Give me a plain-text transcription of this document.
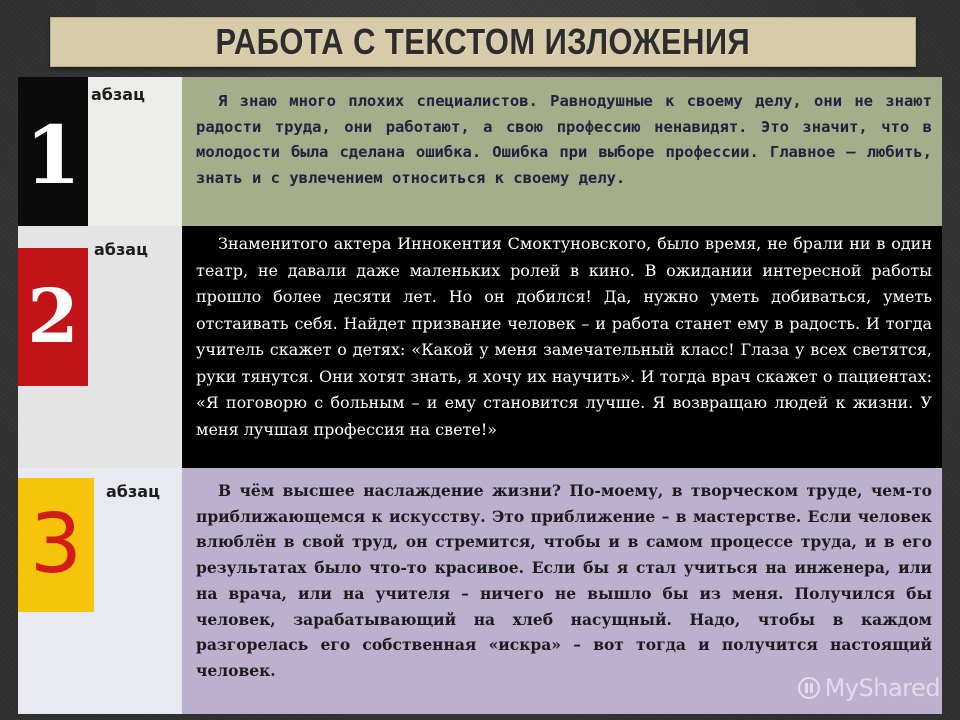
РАБОТА С ТЕКСТОМ ИЗЛОЖЕНИЯ
1
абзац	Я знаю много плохих специалистов. Равнодушные к своему делу, они не знают радости труда, они работают, а свою профессию ненавидят. Это значит, что в молодости была сделана ошибка. Ошибка при выборе профессии. Главное – любить, знать и с увлечением относиться к своему делу.

2
абзац	Знаменитого актера Иннокентия Смоктуновского, было время, не брали ни в один театр, не давали даже маленьких ролей в кино. В ожидании интересной работы прошло более десяти лет. Но он добился! Да, нужно уметь добиваться, уметь отстаивать себя. Найдет призвание человек – и работа станет ему в радость. И тогда учитель скажет о детях: «Какой у меня замечательный класс! Глаза у всех светятся, руки тянутся. Они хотят знать, я хочу их научить». И тогда врач скажет о пациентах: «Я поговорю с больным – и ему становится лучше. Я возвращаю людей к жизни. У меня лучшая профессия на свете!»

3
абзац	В чём высшее наслаждение жизни? По-моему, в творческом труде, чем-то приближающемся к искусству. Это приближение – в мастерстве. Если человек влюблён в свой труд, он стремится, чтобы и в самом процессе труда, и в его результатах было что-то красивое. Если бы я стал учиться на инженера, или на врача, или на учителя – ничего не вышло бы из меня. Получился бы человек, зарабатывающий на хлеб насущный. Надо, чтобы в каждом разгорелась его собственная «искра» – вот тогда и получится настоящий человек.

MyShared
